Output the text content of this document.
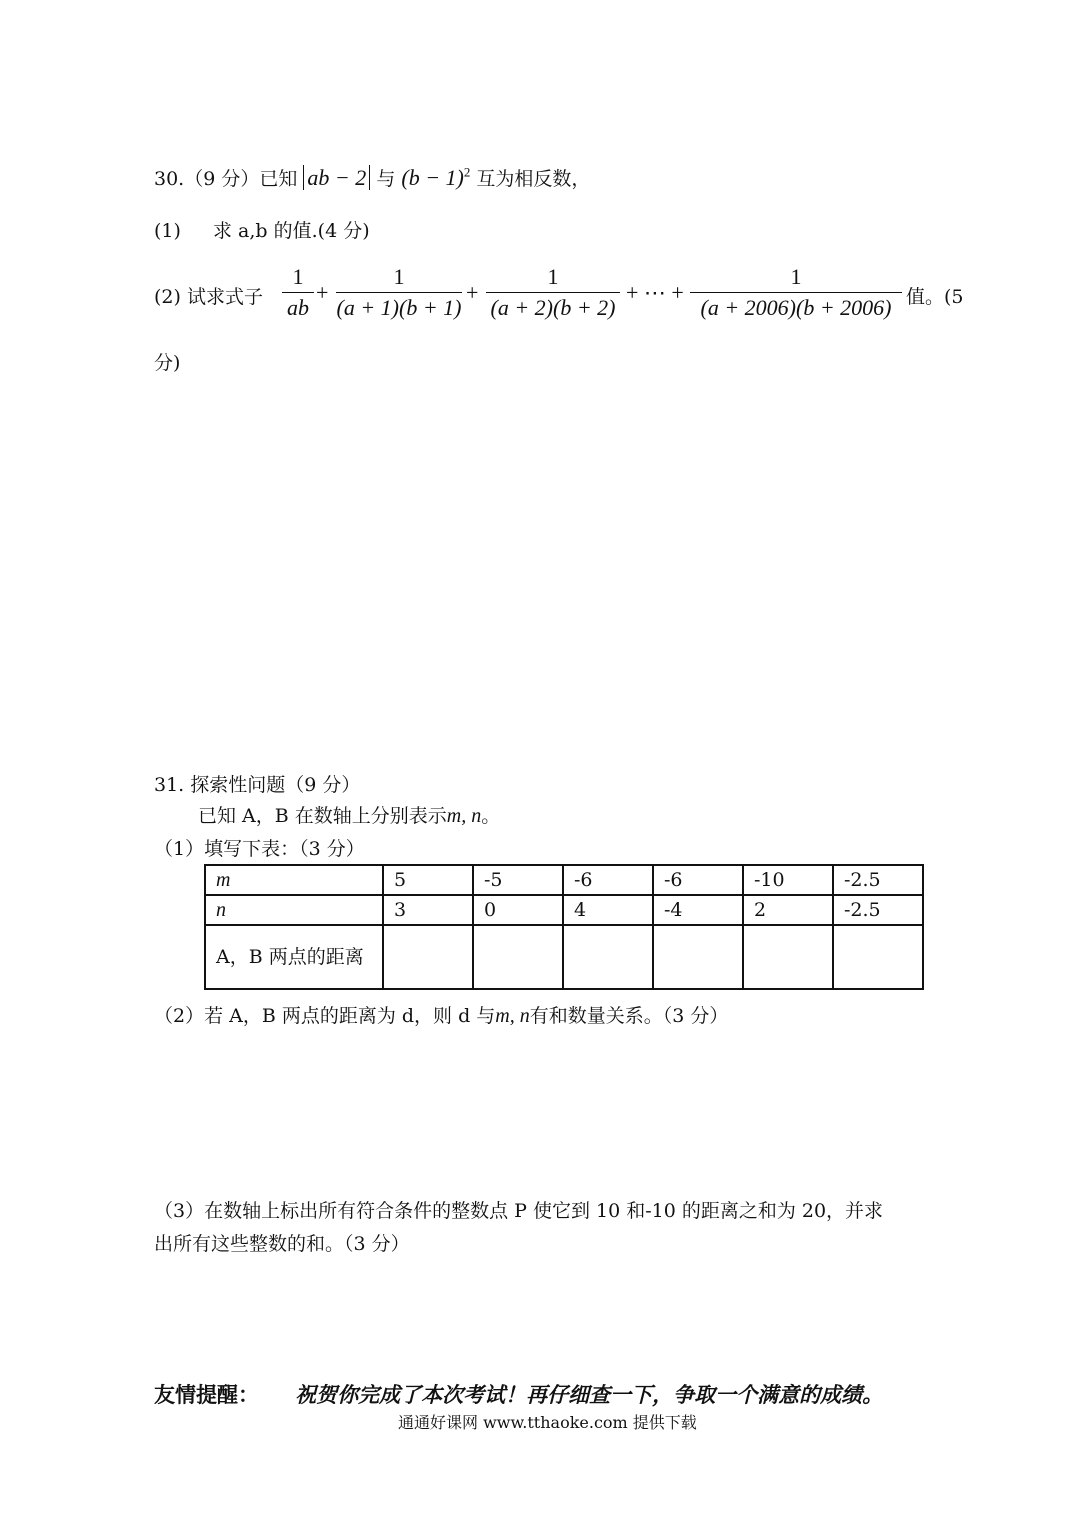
30.（9 分）已知 ab − 2 与 $(b - 1)^2$ 互为相反数，
(1) 求 a,b 的值.(4 分)
(2) 试求式子 $\frac{1}{ab} + \frac{1}{(a + 1)(b + 1)} + \frac{1}{(a + 2)(b + 2)}$ + ⋯ + $\frac{1}{(a + 2006)(b + 2006)}$ 值。(5
分)
31. 探索性问题（9 分）
已知 A，B 在数轴上分别表示m, n。
（1）填写下表：（3 分）
m	5	-5	-6	-6	-10	-2.5
n	3	0	4	-4	2	-2.5
A，B 两点的距离						
（2）若 A，B 两点的距离为 d，则 d 与m, n有和数量关系。（3 分）
（3）在数轴上标出所有符合条件的整数点 P 使它到 10 和-10 的距离之和为 20，并求
出所有这些整数的和。（3 分）
友情提醒： 祝贺你完成了本次考试！再仔细查一下，争取一个满意的成绩。
通通好课网 www.tthaoke.com 提供下载
